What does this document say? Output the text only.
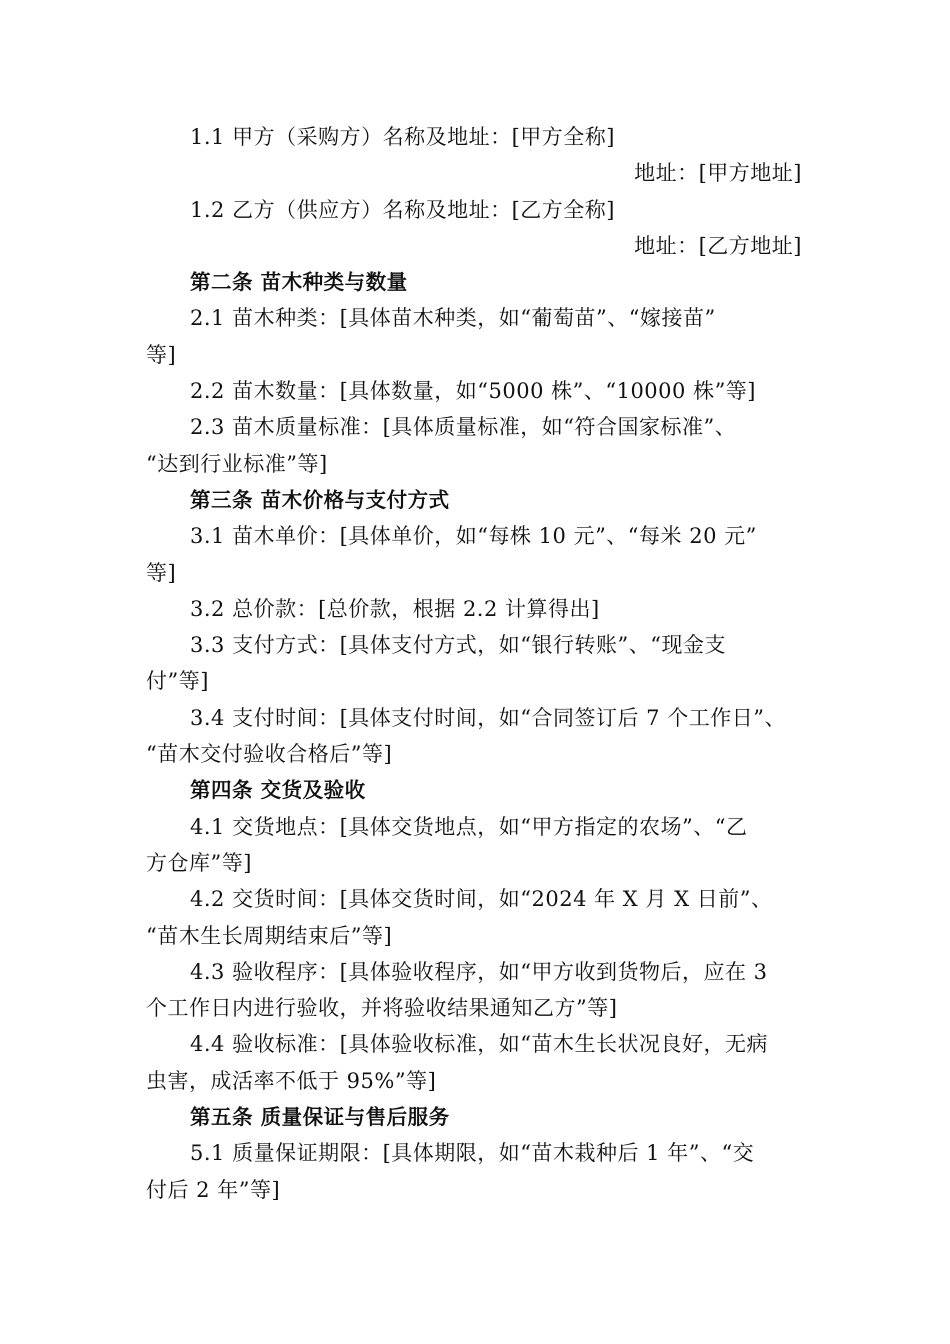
1.1 甲方（采购方）名称及地址：[甲方全称]
地址：[甲方地址]
1.2 乙方（供应方）名称及地址：[乙方全称]
地址：[乙方地址]
第二条 苗木种类与数量
2.1 苗木种类：[具体苗木种类，如“葡萄苗”、“嫁接苗”
等]
2.2 苗木数量：[具体数量，如“5000 株”、“10000 株”等]
2.3 苗木质量标准：[具体质量标准，如“符合国家标准”、
“达到行业标准”等]
第三条 苗木价格与支付方式
3.1 苗木单价：[具体单价，如“每株 10 元”、“每米 20 元”
等]
3.2 总价款：[总价款，根据 2.2 计算得出]
3.3 支付方式：[具体支付方式，如“银行转账”、“现金支
付”等]
3.4 支付时间：[具体支付时间，如“合同签订后 7 个工作日”、
“苗木交付验收合格后”等]
第四条 交货及验收
4.1 交货地点：[具体交货地点，如“甲方指定的农场”、“乙
方仓库”等]
4.2 交货时间：[具体交货时间，如“2024 年 X 月 X 日前”、
“苗木生长周期结束后”等]
4.3 验收程序：[具体验收程序，如“甲方收到货物后，应在 3
个工作日内进行验收，并将验收结果通知乙方”等]
4.4 验收标准：[具体验收标准，如“苗木生长状况良好，无病
虫害，成活率不低于 95%”等]
第五条 质量保证与售后服务
5.1 质量保证期限：[具体期限，如“苗木栽种后 1 年”、“交
付后 2 年”等]
